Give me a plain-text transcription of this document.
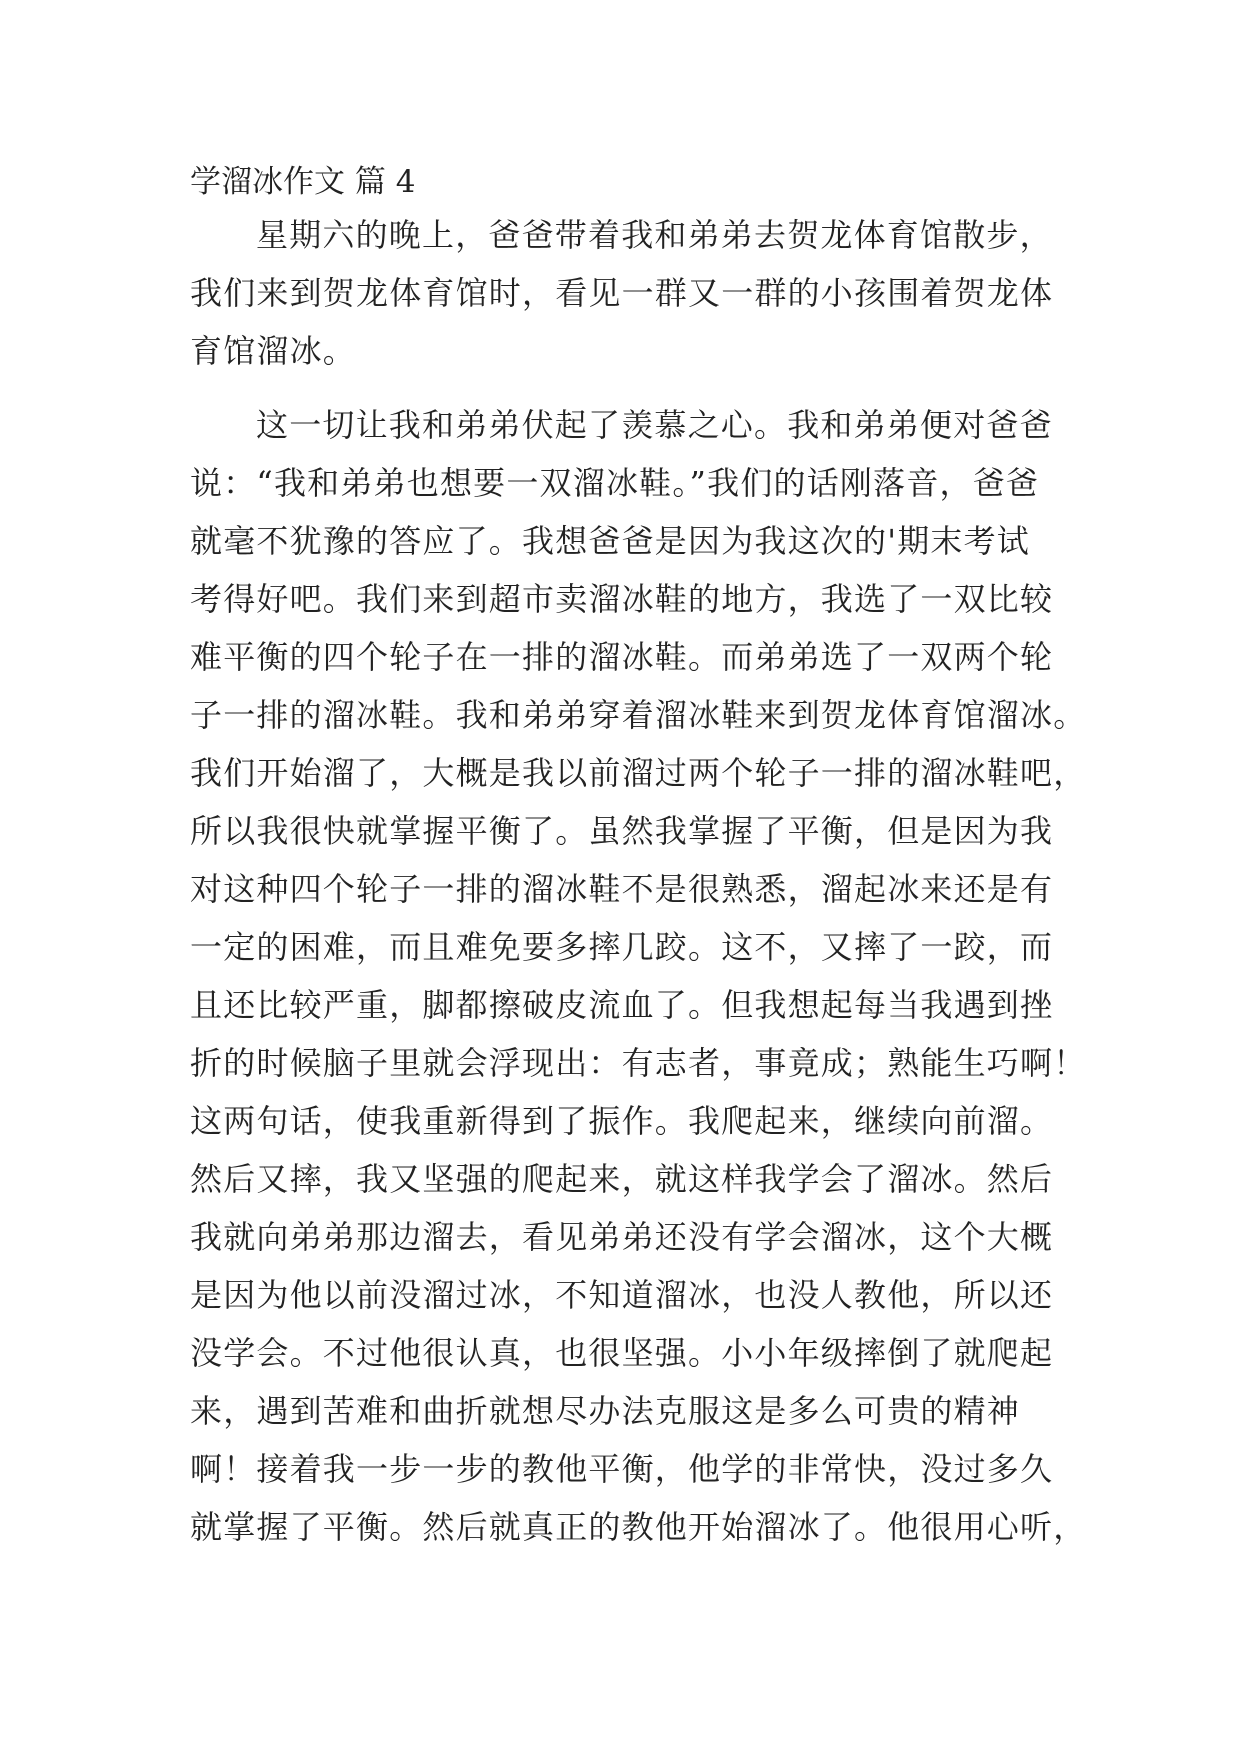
学溜冰作文 篇 4
星期六的晚上，爸爸带着我和弟弟去贺龙体育馆散步，
我们来到贺龙体育馆时，看见一群又一群的小孩围着贺龙体
育馆溜冰。
这一切让我和弟弟伏起了羡慕之心。我和弟弟便对爸爸
说：“我和弟弟也想要一双溜冰鞋。”我们的话刚落音，爸爸
就毫不犹豫的答应了。我想爸爸是因为我这次的'期末考试
考得好吧。我们来到超市卖溜冰鞋的地方，我选了一双比较
难平衡的四个轮子在一排的溜冰鞋。而弟弟选了一双两个轮
子一排的溜冰鞋。我和弟弟穿着溜冰鞋来到贺龙体育馆溜冰。
我们开始溜了，大概是我以前溜过两个轮子一排的溜冰鞋吧，
所以我很快就掌握平衡了。虽然我掌握了平衡，但是因为我
对这种四个轮子一排的溜冰鞋不是很熟悉，溜起冰来还是有
一定的困难，而且难免要多摔几跤。这不，又摔了一跤，而
且还比较严重，脚都擦破皮流血了。但我想起每当我遇到挫
折的时候脑子里就会浮现出：有志者，事竟成；熟能生巧啊！
这两句话，使我重新得到了振作。我爬起来，继续向前溜。
然后又摔，我又坚强的爬起来，就这样我学会了溜冰。然后
我就向弟弟那边溜去，看见弟弟还没有学会溜冰，这个大概
是因为他以前没溜过冰，不知道溜冰，也没人教他，所以还
没学会。不过他很认真，也很坚强。小小年级摔倒了就爬起
来，遇到苦难和曲折就想尽办法克服这是多么可贵的精神
啊！接着我一步一步的教他平衡，他学的非常快，没过多久
就掌握了平衡。然后就真正的教他开始溜冰了。他很用心听，
